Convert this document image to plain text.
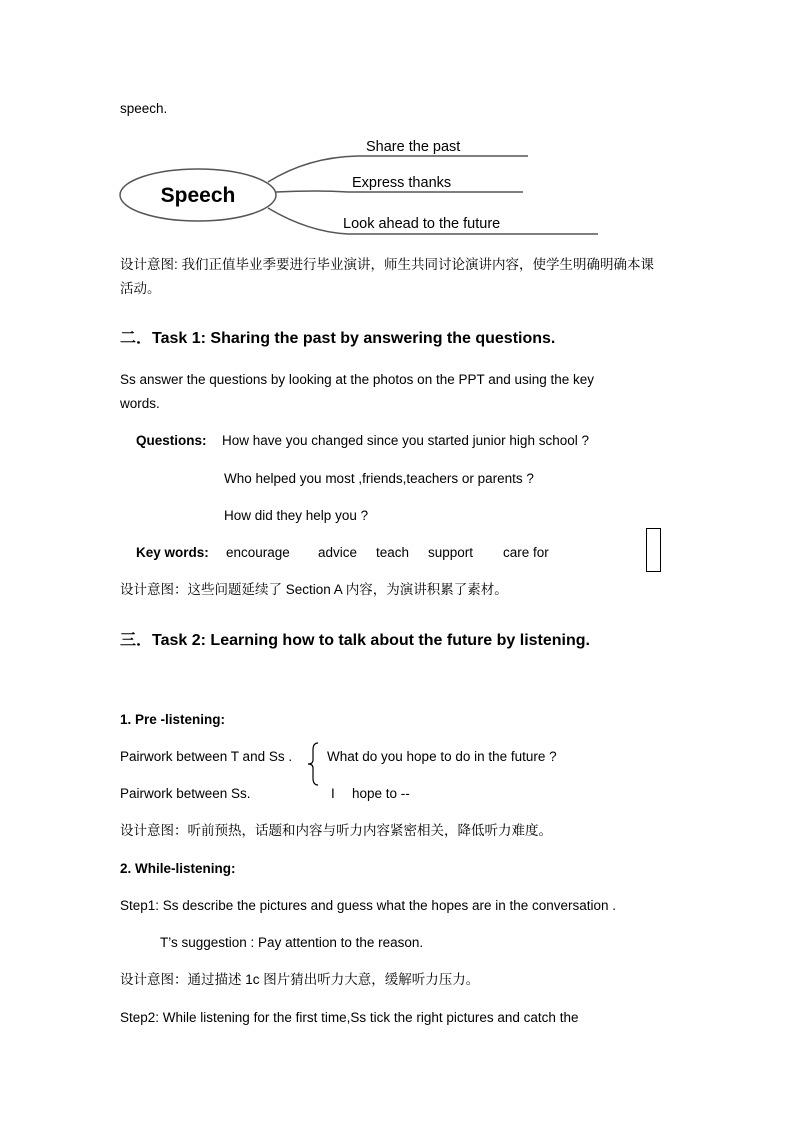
speech.
Speech
Share the past
Express thanks
Look ahead to the future
设计意图: 我们正值毕业季要进行毕业演讲，师生共同讨论演讲内容，使学生明确明确本课
活动。
二．Task 1: Sharing the past by answering the questions.
Ss answer the questions by looking at the photos on the PPT and using the key
words.
Questions: How have you changed since you started junior high school ?
Who helped you most ,friends,teachers or parents ?
How did they help you ?
Key words: encourage advice teach support care for
设计意图：这些问题延续了 Section A 内容，为演讲积累了素材。
三．Task 2: Learning how to talk about the future by listening.
1. Pre -listening:
Pairwork between T and Ss .	What do you hope to do in the future ?
Pairwork between Ss.	I hope to --
设计意图：听前预热，话题和内容与听力内容紧密相关，降低听力难度。
2. While-listening:
Step1: Ss describe the pictures and guess what the hopes are in the conversation .
T’s suggestion : Pay attention to the reason.
设计意图：通过描述 1c 图片猜出听力大意，缓解听力压力。
Step2: While listening for the first time,Ss tick the right pictures and catch the
